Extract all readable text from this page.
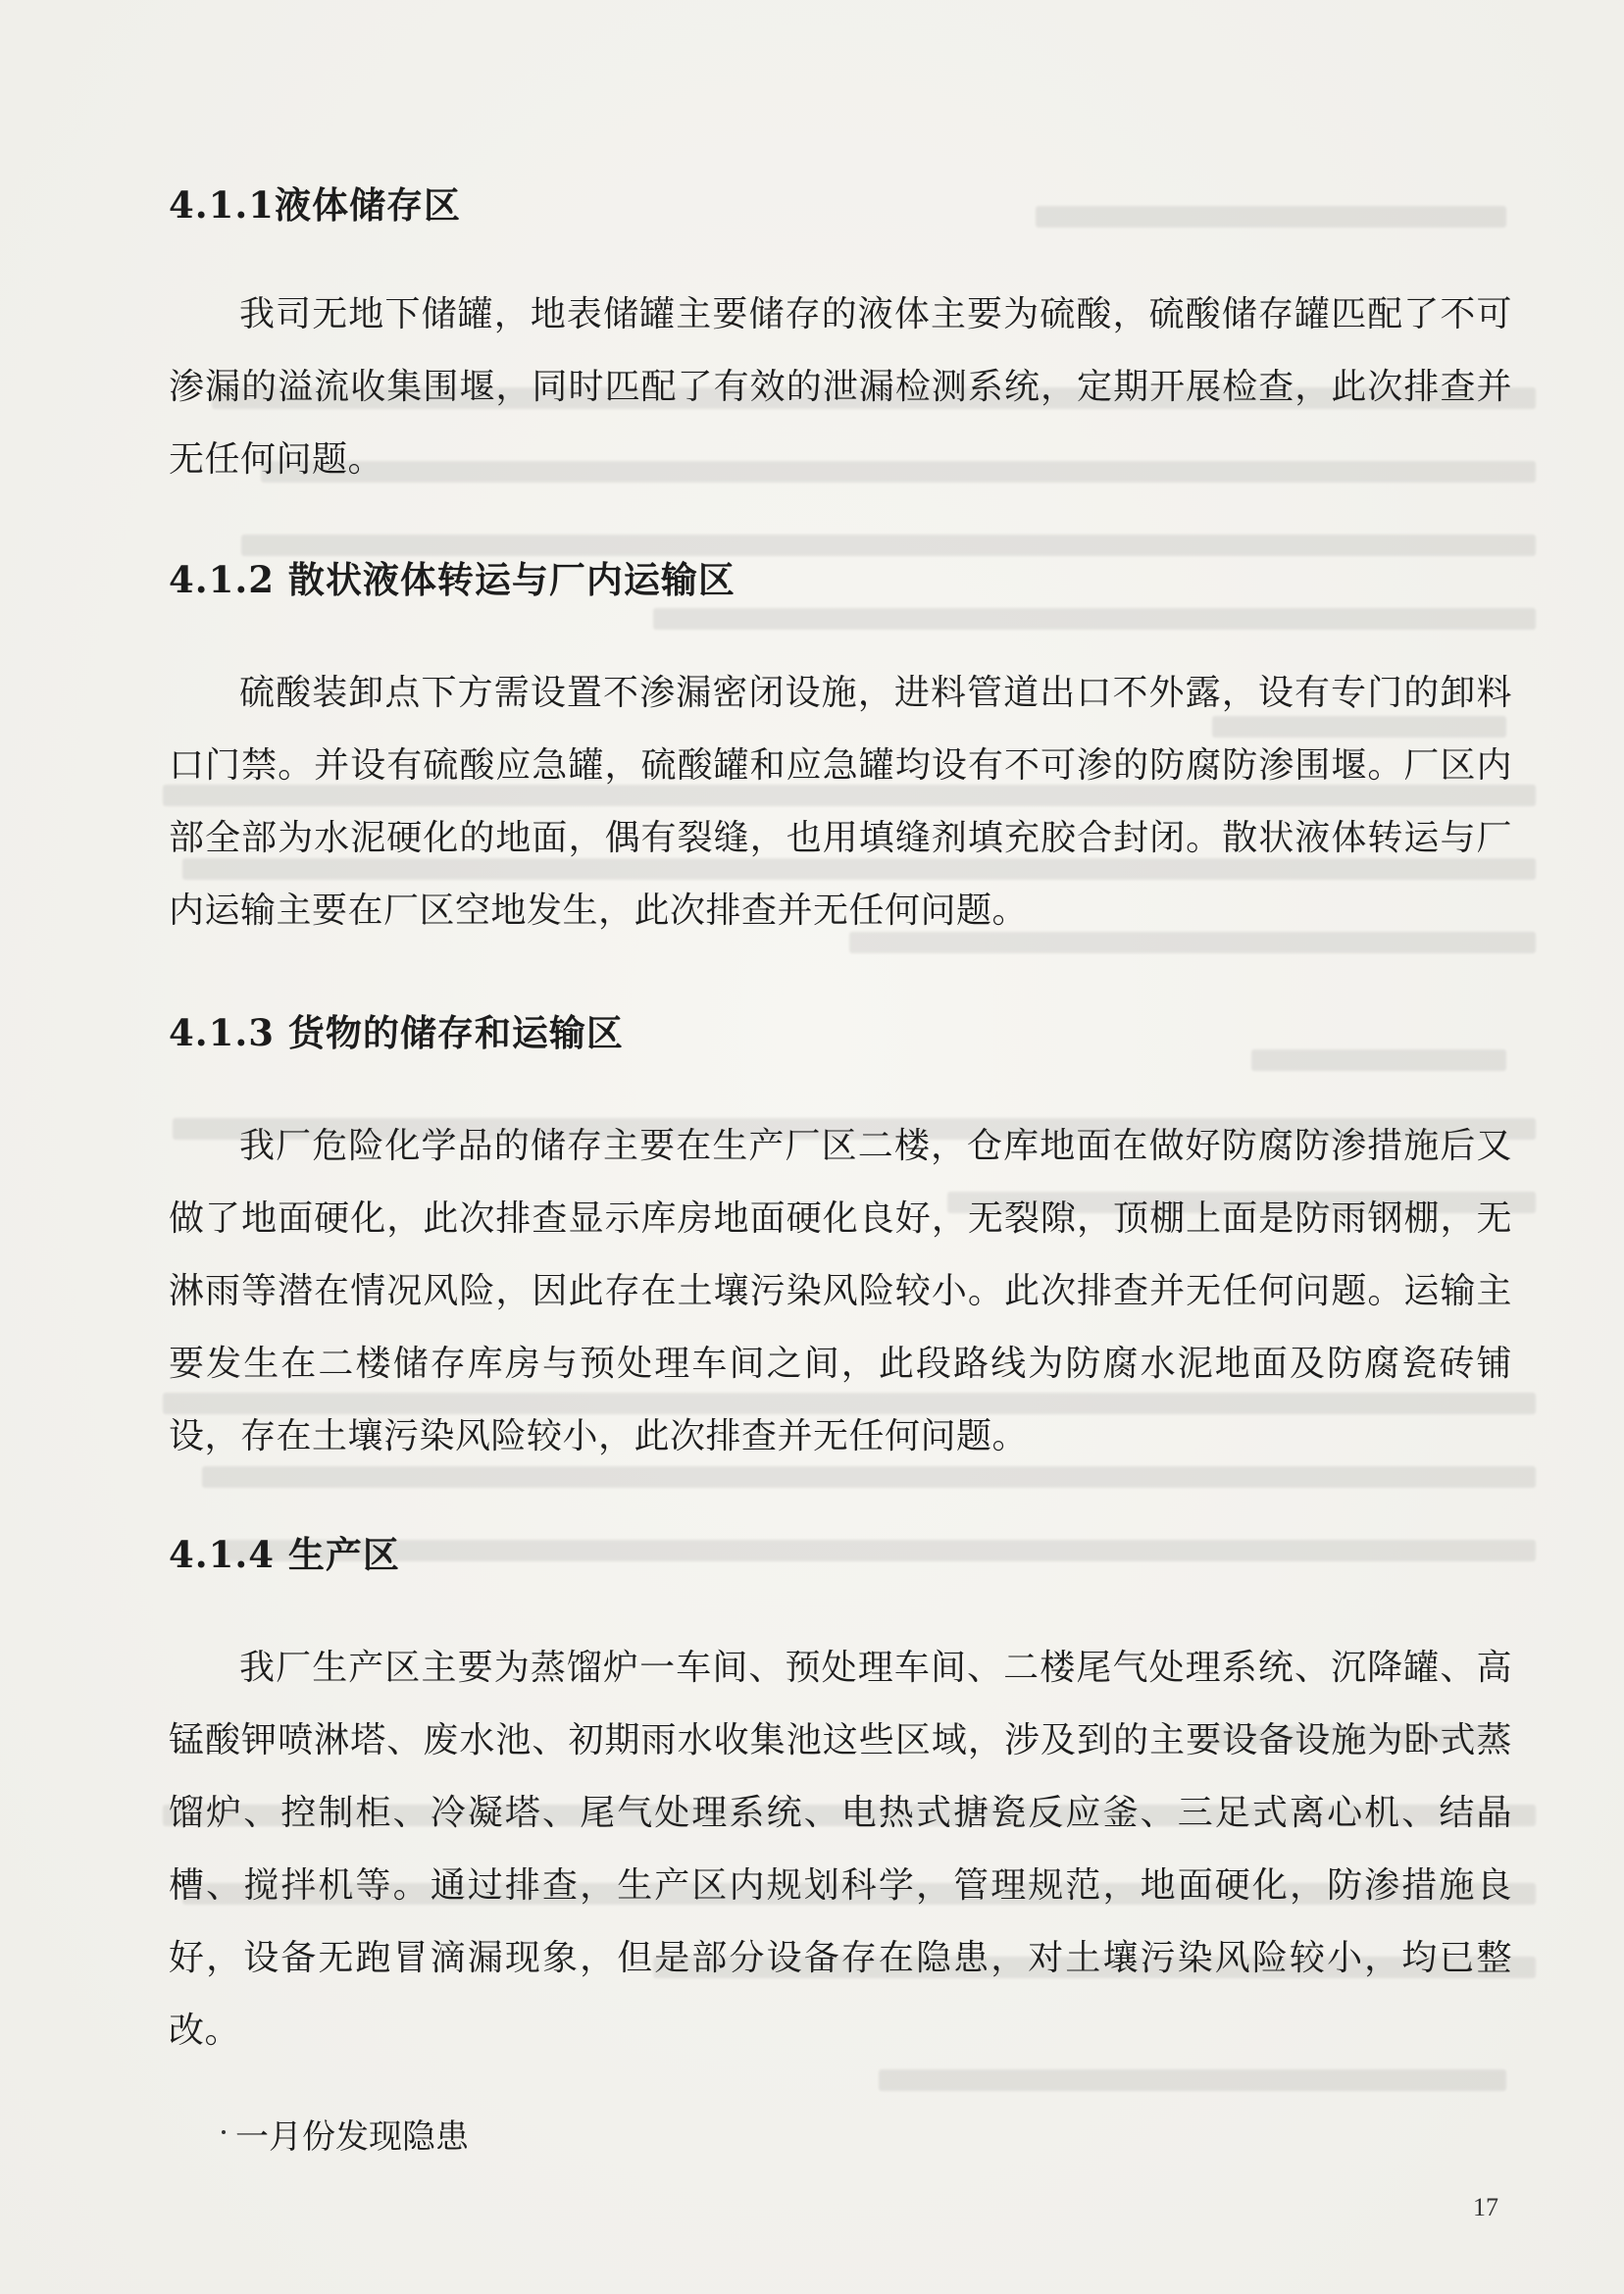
4.1.1液体储存区

我司无地下储罐，地表储罐主要储存的液体主要为硫酸，硫酸储存罐匹配了不可渗漏的溢流收集围堰，同时匹配了有效的泄漏检测系统，定期开展检查，此次排查并无任何问题。

4.1.2 散状液体转运与厂内运输区

硫酸装卸点下方需设置不渗漏密闭设施，进料管道出口不外露，设有专门的卸料口门禁。并设有硫酸应急罐，硫酸罐和应急罐均设有不可渗的防腐防渗围堰。厂区内部全部为水泥硬化的地面，偶有裂缝，也用填缝剂填充胶合封闭。散状液体转运与厂内运输主要在厂区空地发生，此次排查并无任何问题。

4.1.3 货物的储存和运输区

我厂危险化学品的储存主要在生产厂区二楼，仓库地面在做好防腐防渗措施后又做了地面硬化，此次排查显示库房地面硬化良好，无裂隙，顶棚上面是防雨钢棚，无淋雨等潜在情况风险，因此存在土壤污染风险较小。此次排查并无任何问题。运输主要发生在二楼储存库房与预处理车间之间，此段路线为防腐水泥地面及防腐瓷砖铺设，存在土壤污染风险较小，此次排查并无任何问题。

4.1.4 生产区

我厂生产区主要为蒸馏炉一车间、预处理车间、二楼尾气处理系统、沉降罐、高锰酸钾喷淋塔、废水池、初期雨水收集池这些区域，涉及到的主要设备设施为卧式蒸馏炉、控制柜、冷凝塔、尾气处理系统、电热式搪瓷反应釜、三足式离心机、结晶槽、搅拌机等。通过排查，生产区内规划科学，管理规范，地面硬化，防渗措施良好，设备无跑冒滴漏现象，但是部分设备存在隐患，对土壤污染风险较小，均已整改。

一月份发现隐患

17
